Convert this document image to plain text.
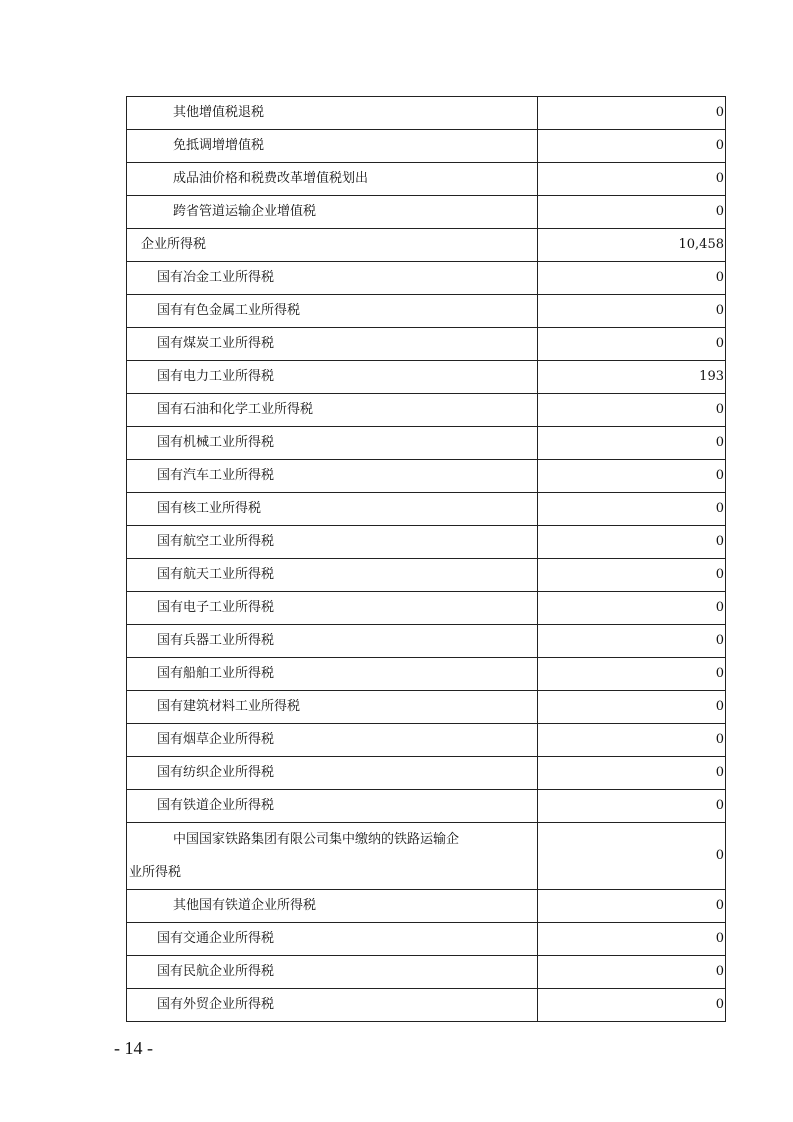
其他增值税退税	0
免抵调增增值税	0
成品油价格和税费改革增值税划出	0
跨省管道运输企业增值税	0
企业所得税	10,458
国有冶金工业所得税	0
国有有色金属工业所得税	0
国有煤炭工业所得税	0
国有电力工业所得税	193
国有石油和化学工业所得税	0
国有机械工业所得税	0
国有汽车工业所得税	0
国有核工业所得税	0
国有航空工业所得税	0
国有航天工业所得税	0
国有电子工业所得税	0
国有兵器工业所得税	0
国有船舶工业所得税	0
国有建筑材料工业所得税	0
国有烟草企业所得税	0
国有纺织企业所得税	0
国有铁道企业所得税	0

中国国家铁路集团有限公司集中缴纳的铁路运输企
业所得税	0
其他国有铁道企业所得税	0
国有交通企业所得税	0
国有民航企业所得税	0
国有外贸企业所得税	0
- 14 -
